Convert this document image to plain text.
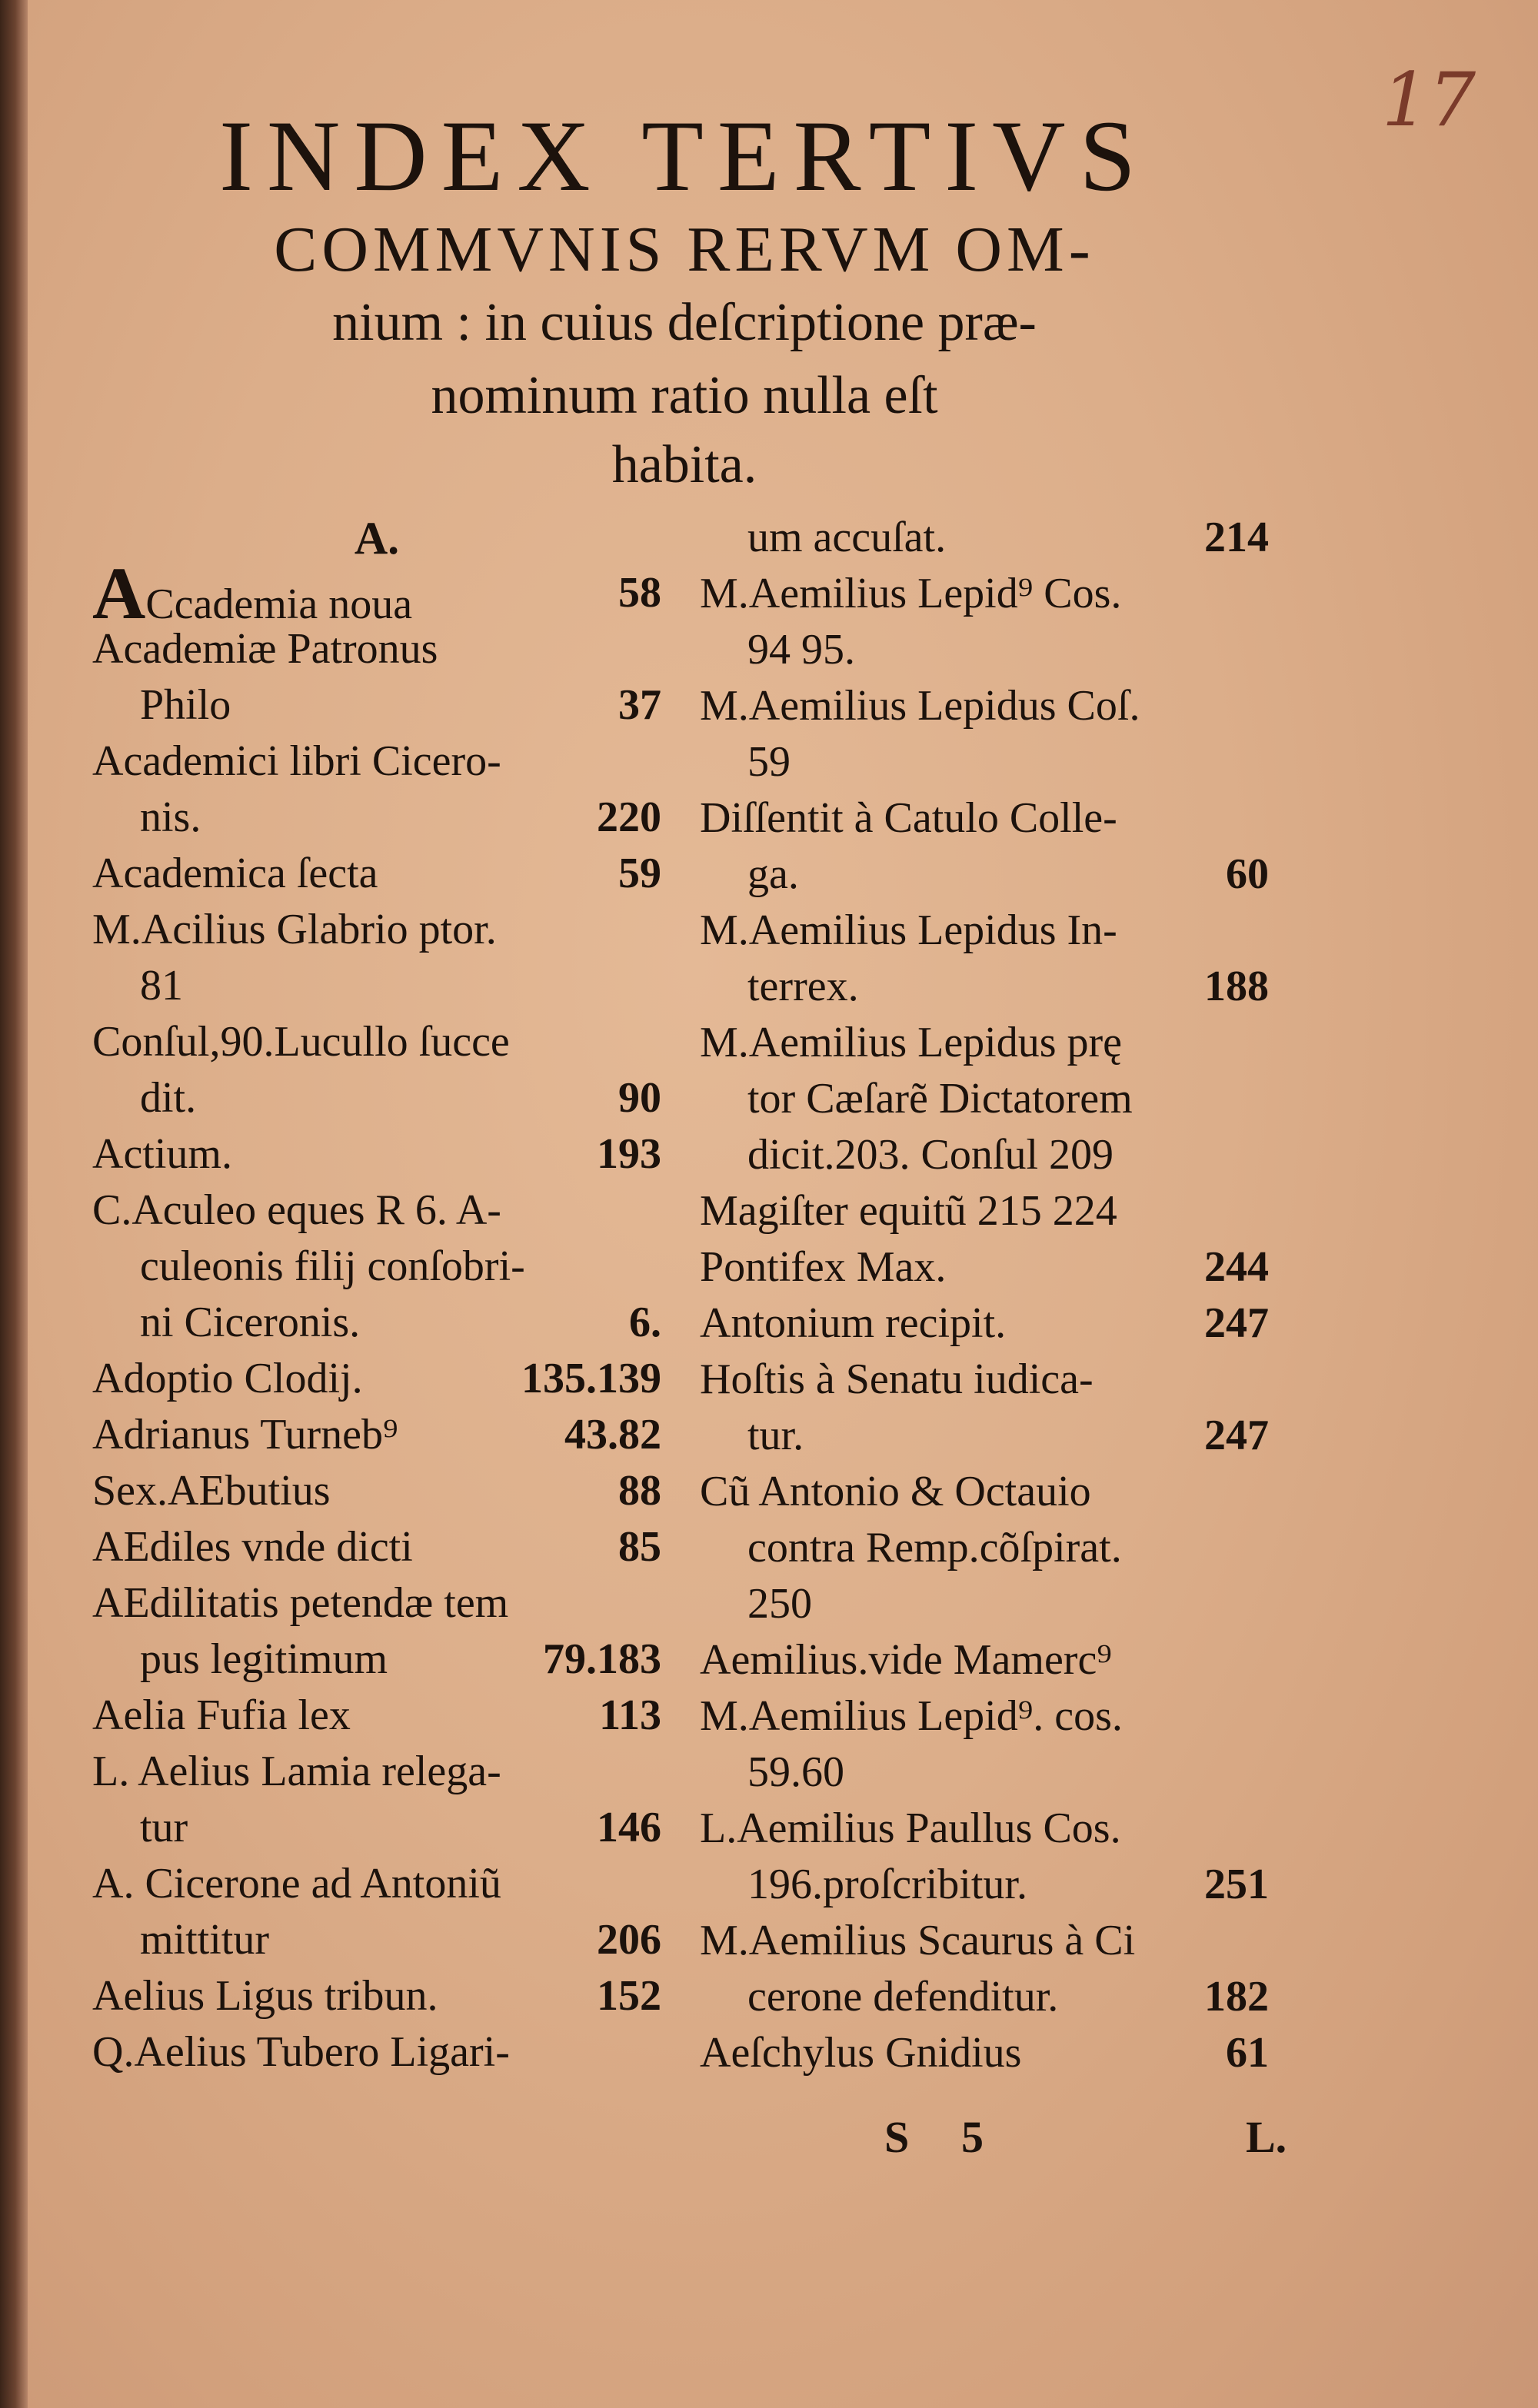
17
INDEX TERTIVS
COMMVNIS RERVM OM-
nium : in cuius deſcriptione præ-
nominum ratio nulla eſt
habita.
A.
ACcademia noua	58
Academiæ Patronus
Philo	37
Academici libri Cicero-
nis.	220
Academica ſecta	59
M.Acilius Glabrio ptor.
81
Conſul,90.Lucullo ſucce
dit.	90
Actium.	193
C.Aculeo eques R 6. A-
culeonis filij conſobri-
ni Ciceronis.	6.
Adoptio Clodij.	135.139
Adrianus Turneb⁹	43.82
Sex.AEbutius	88
AEdiles vnde dicti	85
AEdilitatis petendæ tem
pus legitimum	79.183
Aelia Fufia lex	113
L. Aelius Lamia relega-
tur	146
A. Cicerone ad Antoniũ
mittitur	206
Aelius Ligus tribun.	152
Q.Aelius Tubero Ligari-
um accuſat.	214
M.Aemilius Lepid⁹ Cos.
94 95.
M.Aemilius Lepidus Coſ.
59
Diſſentit à Catulo Colle-
ga.	60
M.Aemilius Lepidus In-
terrex.	188
M.Aemilius Lepidus prę
tor Cæſarẽ Dictatorem
dicit.203. Conſul 209
Magiſter equitũ 215 224
Pontifex Max.	244
Antonium recipit.	247
Hoſtis à Senatu iudica-
tur.	247
Cũ Antonio & Octauio
contra Remp.cõſpirat.
250
Aemilius.vide Mamerc⁹
M.Aemilius Lepid⁹. cos.
59.60
L.Aemilius Paullus Cos.
196.proſcribitur.	251
M.Aemilius Scaurus à Ci
cerone defenditur.	182
Aeſchylus Gnidius	61
S 5	L.
